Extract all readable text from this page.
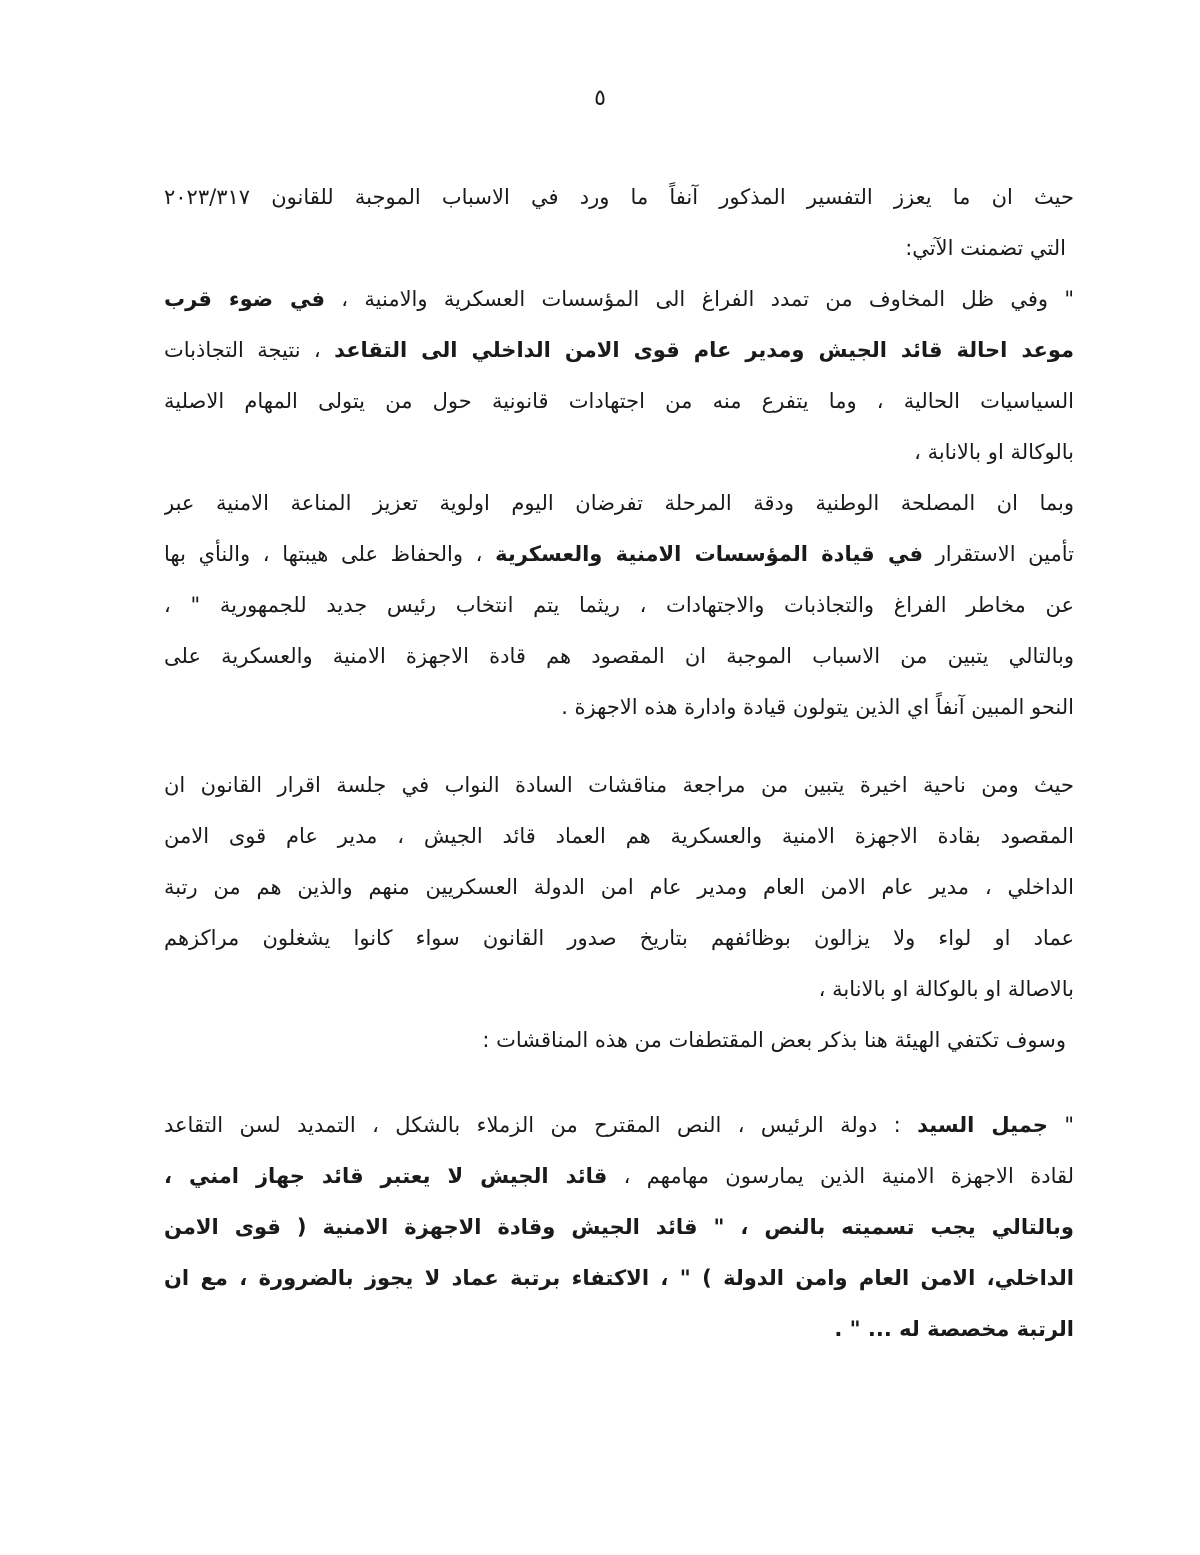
٥
حيث ان ما يعزز التفسير المذكور آنفاً ما ورد في الاسباب الموجبة للقانون ٢٠٢٣/٣١٧
التي تضمنت الآتي:
" وفي ظل المخاوف من تمدد الفراغ الى المؤسسات العسكرية والامنية ، في ضوء قرب
موعد احالة قائد الجيش ومدير عام قوى الامن الداخلي الى التقاعد ، نتيجة التجاذبات
السياسيات الحالية ، وما يتفرع منه من اجتهادات قانونية حول من يتولى المهام الاصلية
بالوكالة او بالانابة ،
وبما ان المصلحة الوطنية ودقة المرحلة تفرضان اليوم اولوية تعزيز المناعة الامنية عبر
تأمين الاستقرار في قيادة المؤسسات الامنية والعسكرية ، والحفاظ على هيبتها ، والنأي بها
عن مخاطر الفراغ والتجاذبات والاجتهادات ، ريثما يتم انتخاب رئيس جديد للجمهورية " ،
وبالتالي يتبين من الاسباب الموجبة ان المقصود هم قادة الاجهزة الامنية والعسكرية على
النحو المبين آنفاً اي الذين يتولون قيادة وادارة هذه الاجهزة .
حيث ومن ناحية اخيرة يتبين من مراجعة مناقشات السادة النواب في جلسة اقرار القانون ان
المقصود بقادة الاجهزة الامنية والعسكرية هم العماد قائد الجيش ، مدير عام قوى الامن
الداخلي ، مدير عام الامن العام ومدير عام امن الدولة العسكريين منهم والذين هم من رتبة
عماد او لواء ولا يزالون بوظائفهم بتاريخ صدور القانون سواء كانوا يشغلون مراكزهم
بالاصالة او بالوكالة او بالانابة ،
وسوف تكتفي الهيئة هنا بذكر بعض المقتطفات من هذه المناقشات :
" جميل السيد : دولة الرئيس ، النص المقترح من الزملاء بالشكل ، التمديد لسن التقاعد
لقادة الاجهزة الامنية الذين يمارسون مهامهم ، قائد الجيش لا يعتبر قائد جهاز امني ،
وبالتالي يجب تسميته بالنص ، " قائد الجيش وقادة الاجهزة الامنية ( قوى الامن
الداخلي، الامن العام وامن الدولة ) " ، الاكتفاء برتبة عماد لا يجوز بالضرورة ، مع ان
الرتبة مخصصة له ... " .
